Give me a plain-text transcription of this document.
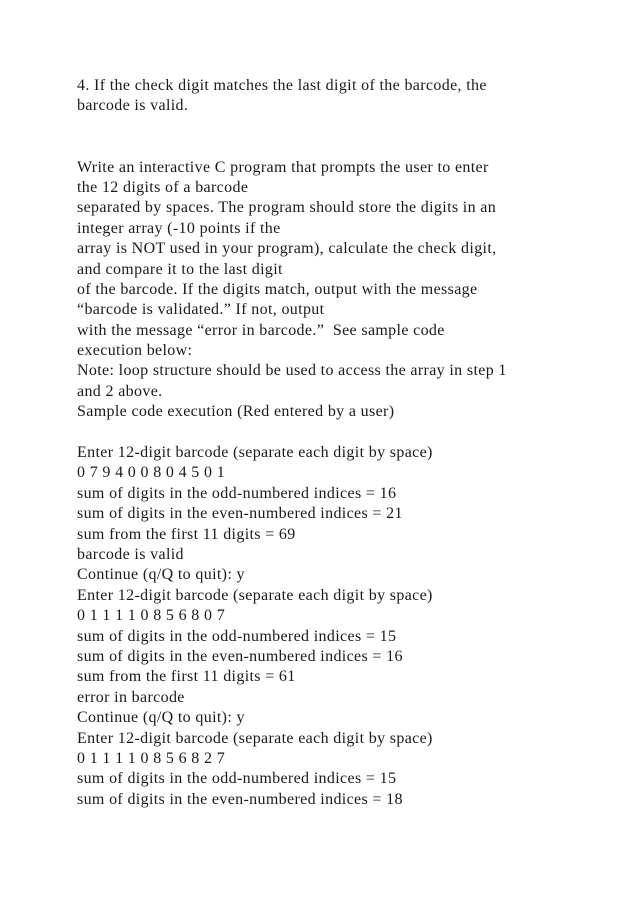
4. If the check digit matches the last digit of the barcode, the
barcode is valid.
Write an interactive C program that prompts the user to enter
the 12 digits of a barcode
separated by spaces. The program should store the digits in an
integer array (-10 points if the
array is NOT used in your program), calculate the check digit,
and compare it to the last digit
of the barcode. If the digits match, output with the message
“barcode is validated.” If not, output
with the message “error in barcode.”  See sample code
execution below:
Note: loop structure should be used to access the array in step 1
and 2 above.
Sample code execution (Red entered by a user)
Enter 12-digit barcode (separate each digit by space)
0 7 9 4 0 0 8 0 4 5 0 1
sum of digits in the odd-numbered indices = 16
sum of digits in the even-numbered indices = 21
sum from the first 11 digits = 69
barcode is valid
Continue (q/Q to quit): y
Enter 12-digit barcode (separate each digit by space)
0 1 1 1 1 0 8 5 6 8 0 7
sum of digits in the odd-numbered indices = 15
sum of digits in the even-numbered indices = 16
sum from the first 11 digits = 61
error in barcode
Continue (q/Q to quit): y
Enter 12-digit barcode (separate each digit by space)
0 1 1 1 1 0 8 5 6 8 2 7
sum of digits in the odd-numbered indices = 15
sum of digits in the even-numbered indices = 18
